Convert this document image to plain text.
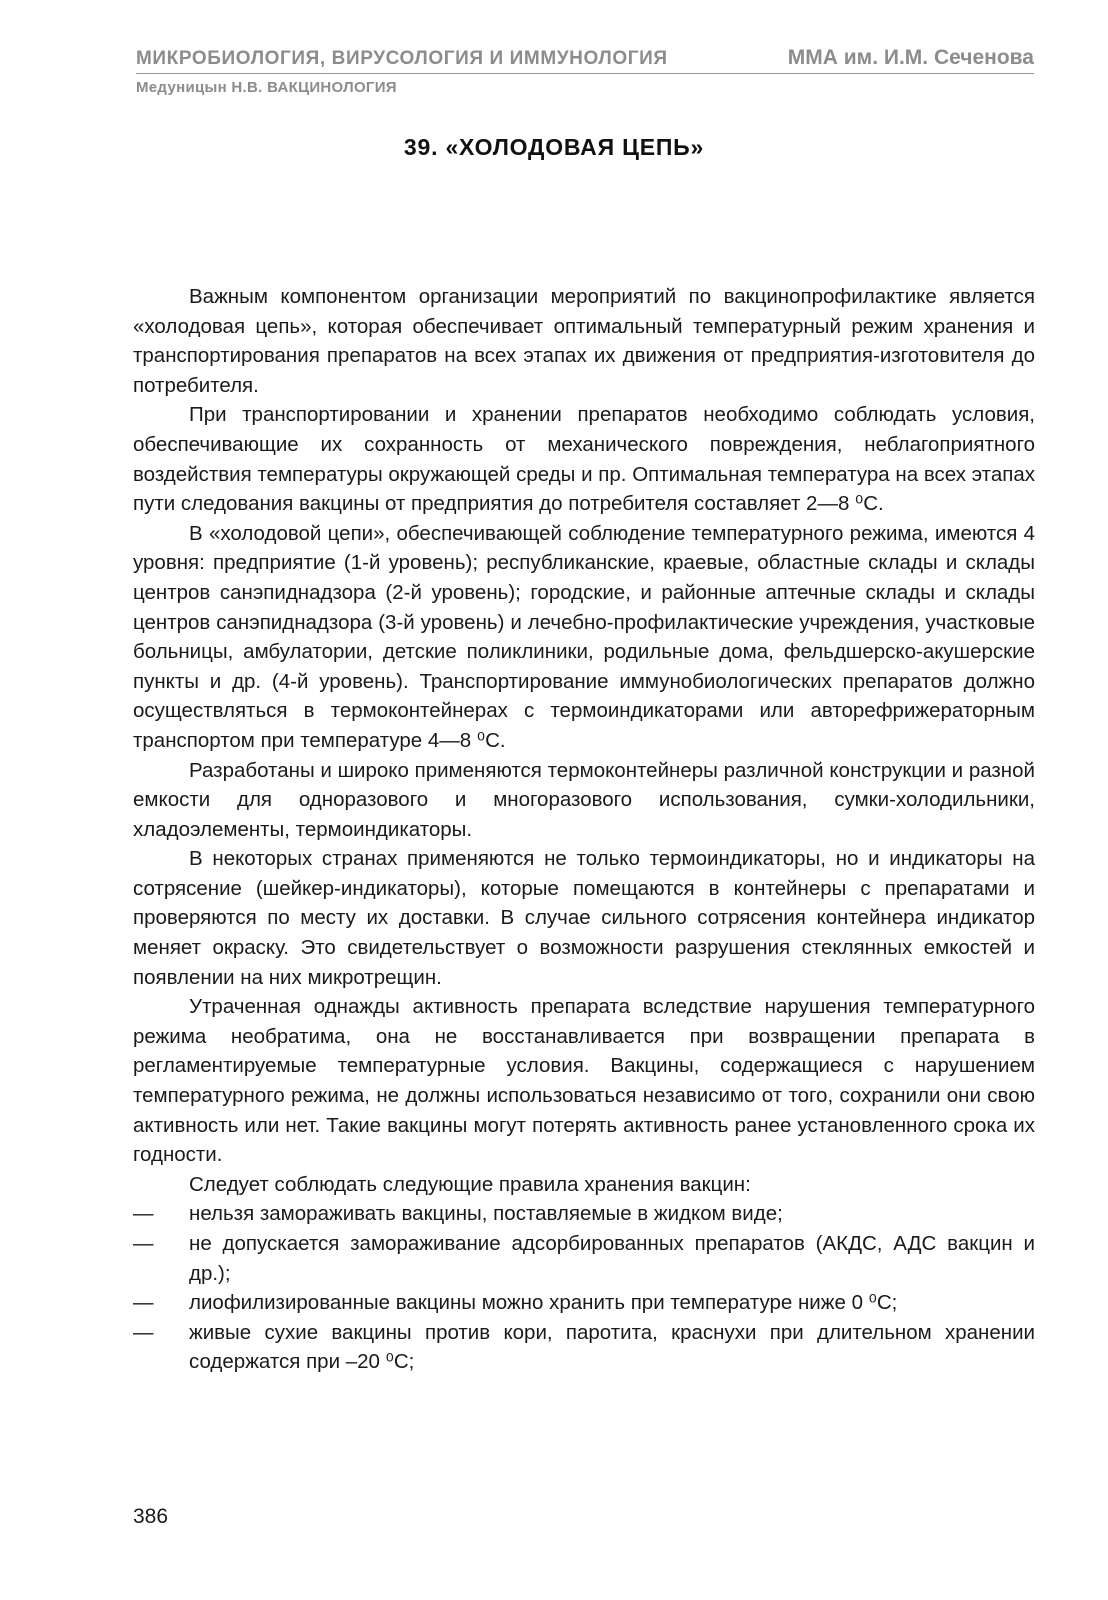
МИКРОБИОЛОГИЯ, ВИРУСОЛОГИЯ И ИММУНОЛОГИЯ	ММА им. И.М. Сеченова
Медуницын Н.В. ВАКЦИНОЛОГИЯ
39. «ХОЛОДОВАЯ ЦЕПЬ»

Важным компонентом организации мероприятий по вакцинопрофилактике является «холодовая цепь», которая обеспечивает оптимальный температурный режим хранения и транспортирования препаратов на всех этапах их движения от предприятия-изготовителя до потребителя.

При транспортировании и хранении препаратов необходимо соблюдать условия, обеспечивающие их сохранность от механического повреждения, неблагоприятного воздействия температуры окружающей среды и пр. Оптимальная температура на всех этапах пути следования вакцины от предприятия до потребителя составляет 2—8 ⁰С.

В «холодовой цепи», обеспечивающей соблюдение температурного режима, имеются 4 уровня: предприятие (1-й уровень); республиканские, краевые, областные склады и склады центров санэпиднадзора (2-й уровень); городские, и районные аптечные склады и склады центров санэпиднадзора (3-й уровень) и лечебно-профилактические учреждения, участковые больницы, амбулатории, детские поликлиники, родильные дома, фельдшерско-акушерские пункты и др. (4-й уровень). Транспортирование иммунобиологических препаратов должно осуществляться в термоконтейнерах с термоиндикаторами или авторефрижераторным транспортом при температуре 4—8 ⁰С.

Разработаны и широко применяются термоконтейнеры различной конструкции и разной емкости для одноразового и многоразового использования, сумки-холодильники, хладоэлементы, термоиндикаторы.

В некоторых странах применяются не только термоиндикаторы, но и индикаторы на сотрясение (шейкер-индикаторы), которые помещаются в контейнеры с препаратами и проверяются по месту их доставки. В случае сильного сотрясения контейнера индикатор меняет окраску. Это свидетельствует о возможности разрушения стеклянных емкостей и появлении на них микротрещин.

Утраченная однажды активность препарата вследствие нарушения температурного режима необратима, она не восстанавливается при возвращении препарата в регламентируемые температурные условия. Вакцины, содержащиеся с нарушением температурного режима, не должны использоваться независимо от того, сохранили они свою активность или нет. Такие вакцины могут потерять активность ранее установленного срока их годности.

Следует соблюдать следующие правила хранения вакцин:

— нельзя замораживать вакцины, поставляемые в жидком виде;
— не допускается замораживание адсорбированных препаратов (АКДС, АДС вакцин и др.);
— лиофилизированные вакцины можно хранить при температуре ниже 0 ⁰С;
— живые сухие вакцины против кори, паротита, краснухи при длительном хранении содержатся при –20 ⁰С;
386
